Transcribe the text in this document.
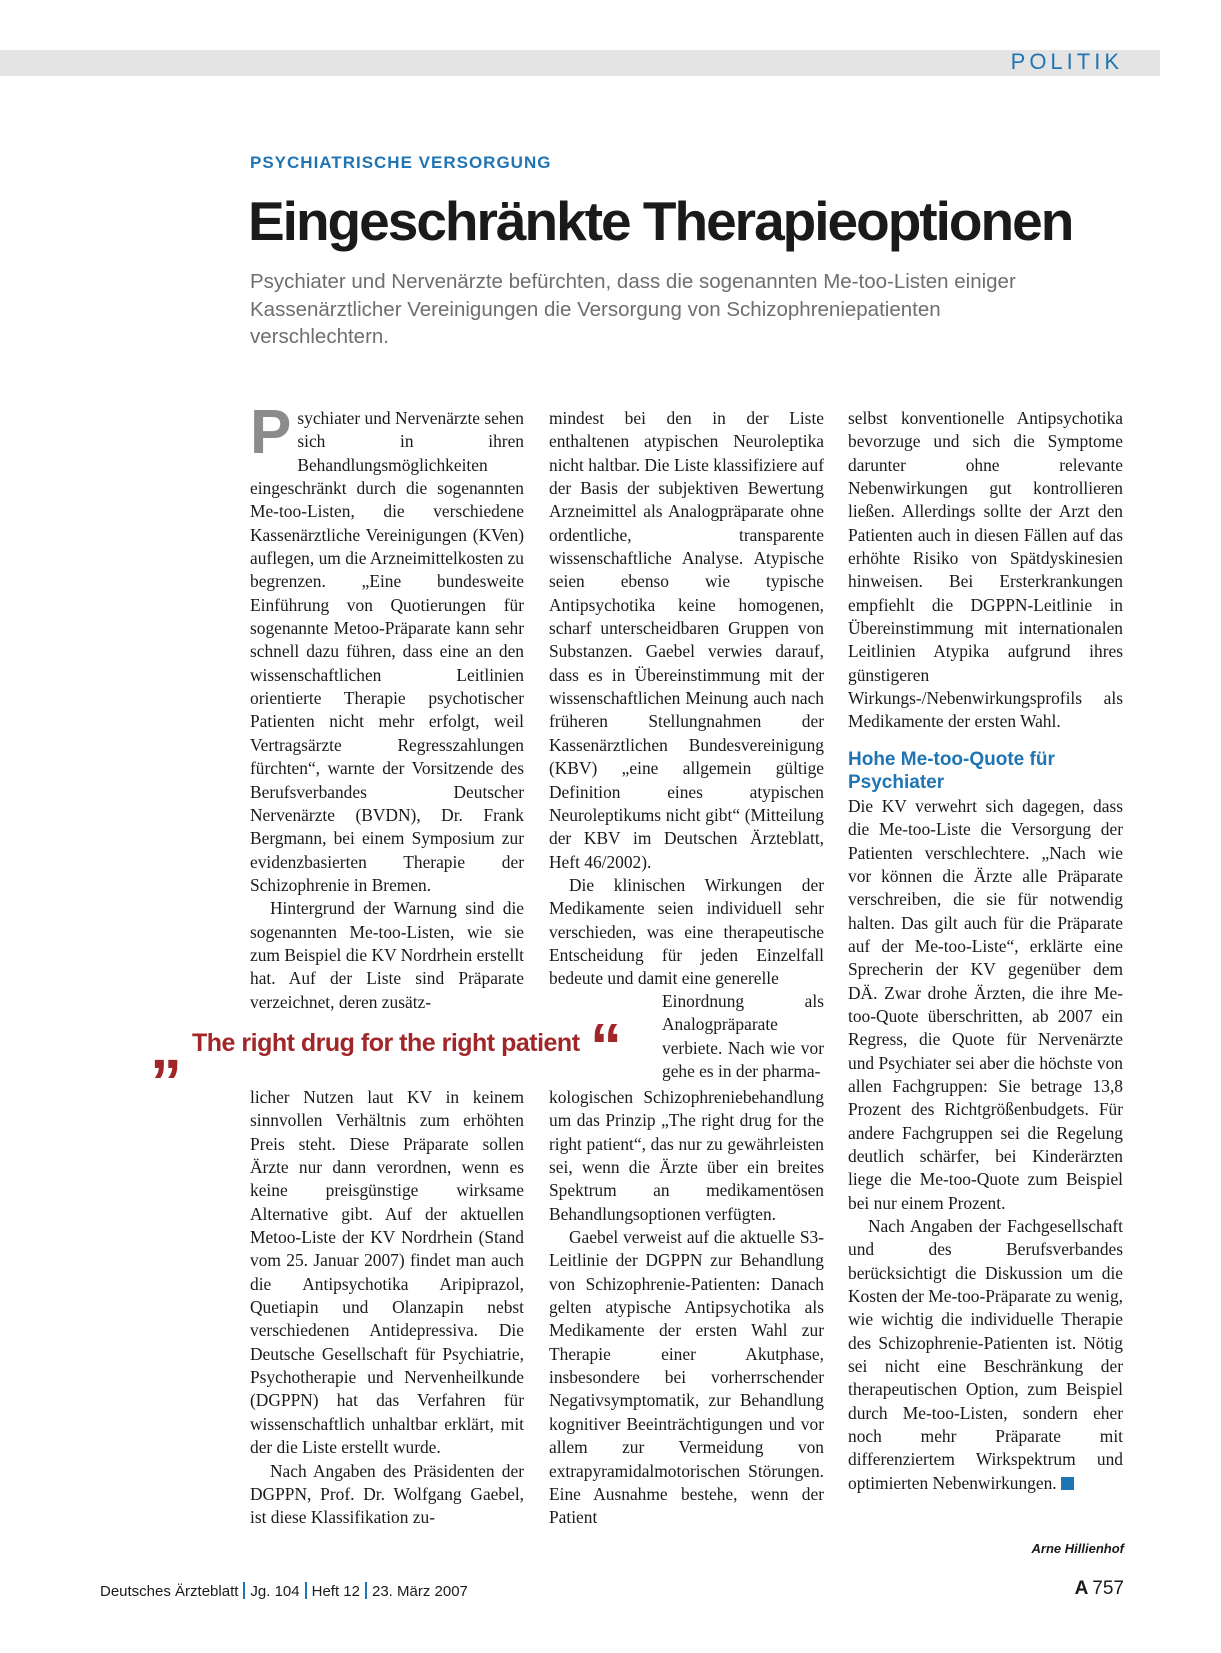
POLITIK
PSYCHIATRISCHE VERSORGUNG
Eingeschränkte Therapieoptionen
Psychiater und Nervenärzte befürchten, dass die sogenannten Me-too-Listen einiger Kassenärztlicher Vereinigungen die Versorgung von Schizophreniepatienten verschlechtern.

Psychiater und Nervenärzte sehen sich in ihren Behandlungsmöglichkeiten eingeschränkt durch die sogenannten Me-too-Listen, die verschiedene Kassenärztliche Vereinigungen (KVen) auflegen, um die Arzneimittelkosten zu begrenzen. „Eine bundesweite Einführung von Quotierungen für sogenannte Metoo-Präparate kann sehr schnell dazu führen, dass eine an den wissenschaftlichen Leitlinien orientierte Therapie psychotischer Patienten nicht mehr erfolgt, weil Vertragsärzte Regresszahlungen fürchten“, warnte der Vorsitzende des Berufsverbandes Deutscher Nervenärzte (BVDN), Dr. Frank Bergmann, bei einem Symposium zur evidenzbasierten Therapie der Schizophrenie in Bremen.

Hintergrund der Warnung sind die sogenannten Me-too-Listen, wie sie zum Beispiel die KV Nordrhein erstellt hat. Auf der Liste sind Präparate verzeichnet, deren zusätz-

„ The right drug for the right patient “

licher Nutzen laut KV in keinem sinnvollen Verhältnis zum erhöhten Preis steht. Diese Präparate sollen Ärzte nur dann verordnen, wenn es keine preisgünstige wirksame Alternative gibt. Auf der aktuellen Metoo-Liste der KV Nordrhein (Stand vom 25. Januar 2007) findet man auch die Antipsychotika Aripiprazol, Quetiapin und Olanzapin nebst verschiedenen Antidepressiva. Die Deutsche Gesellschaft für Psychiatrie, Psychotherapie und Nervenheilkunde (DGPPN) hat das Verfahren für wissenschaftlich unhaltbar erklärt, mit der die Liste erstellt wurde.

Nach Angaben des Präsidenten der DGPPN, Prof. Dr. Wolfgang Gaebel, ist diese Klassifikation zu-

mindest bei den in der Liste enthaltenen atypischen Neuroleptika nicht haltbar. Die Liste klassifiziere auf der Basis der subjektiven Bewertung Arzneimittel als Analogpräparate ohne ordentliche, transparente wissenschaftliche Analyse. Atypische seien ebenso wie typische Antipsychotika keine homogenen, scharf unterscheidbaren Gruppen von Substanzen. Gaebel verwies darauf, dass es in Übereinstimmung mit der wissenschaftlichen Meinung auch nach früheren Stellungnahmen der Kassenärztlichen Bundesvereinigung (KBV) „eine allgemein gültige Definition eines atypischen Neuroleptikums nicht gibt“ (Mitteilung der KBV im Deutschen Ärzteblatt, Heft 46/2002).

Die klinischen Wirkungen der Medikamente seien individuell sehr verschieden, was eine therapeutische Entscheidung für jeden Einzelfall bedeute und damit eine generelle

Einordnung als Analogpräparate verbiete. Nach wie vor gehe es in der pharma-

kologischen Schizophreniebehandlung um das Prinzip „The right drug for the right patient“, das nur zu gewährleisten sei, wenn die Ärzte über ein breites Spektrum an medikamentösen Behandlungsoptionen verfügten.

Gaebel verweist auf die aktuelle S3-Leitlinie der DGPPN zur Behandlung von Schizophrenie-Patienten: Danach gelten atypische Antipsychotika als Medikamente der ersten Wahl zur Therapie einer Akutphase, insbesondere bei vorherrschender Negativsymptomatik, zur Behandlung kognitiver Beeinträchtigungen und vor allem zur Vermeidung von extrapyramidalmotorischen Störungen. Eine Ausnahme bestehe, wenn der Patient

selbst konventionelle Antipsychotika bevorzuge und sich die Symptome darunter ohne relevante Nebenwirkungen gut kontrollieren ließen. Allerdings sollte der Arzt den Patienten auch in diesen Fällen auf das erhöhte Risiko von Spätdyskinesien hinweisen. Bei Ersterkrankungen empfiehlt die DGPPN-Leitlinie in Übereinstimmung mit internationalen Leitlinien Atypika aufgrund ihres günstigeren Wirkungs-/Nebenwirkungsprofils als Medikamente der ersten Wahl.

Hohe Me-too-Quote für Psychiater

Die KV verwehrt sich dagegen, dass die Me-too-Liste die Versorgung der Patienten verschlechtere. „Nach wie vor können die Ärzte alle Präparate verschreiben, die sie für notwendig halten. Das gilt auch für die Präparate auf der Me-too-Liste“, erklärte eine Sprecherin der KV gegenüber dem DÄ. Zwar drohe Ärzten, die ihre Me-too-Quote überschritten, ab 2007 ein Regress, die Quote für Nervenärzte und Psychiater sei aber die höchste von allen Fachgruppen: Sie betrage 13,8 Prozent des Richtgrößenbudgets. Für andere Fachgruppen sei die Regelung deutlich schärfer, bei Kinderärzten liege die Me-too-Quote zum Beispiel bei nur einem Prozent.

Nach Angaben der Fachgesellschaft und des Berufsverbandes berücksichtigt die Diskussion um die Kosten der Me-too-Präparate zu wenig, wie wichtig die individuelle Therapie des Schizophrenie-Patienten ist. Nötig sei nicht eine Beschränkung der therapeutischen Option, zum Beispiel durch Me-too-Listen, sondern eher noch mehr Präparate mit differenziertem Wirkspektrum und optimierten Nebenwirkungen.

Arne Hillienhof
Deutsches Ärzteblatt Jg. 104 Heft 12 23. März 2007	A 757
